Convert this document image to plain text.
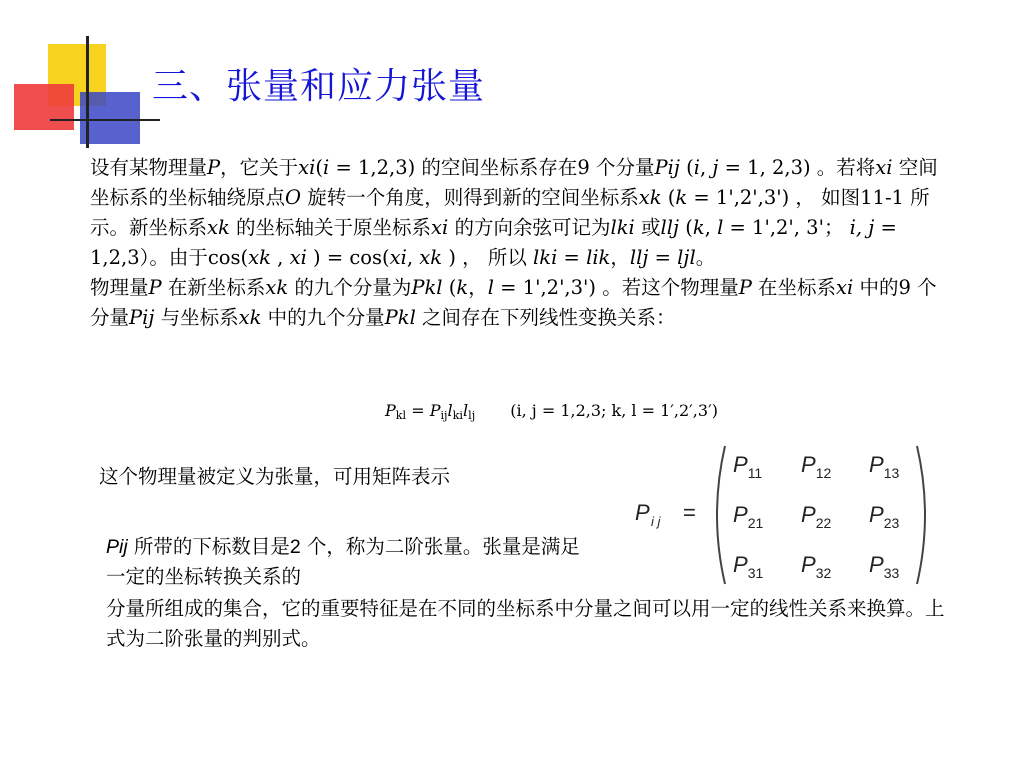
三、张量和应力张量
设有某物理量P，它关于xi(i = 1,2,3) 的空间坐标系存在9 个分量Pij (i, j = 1, 2,3) 。若将xi 空间坐标系的坐标轴绕原点O 旋转一个角度，则得到新的空间坐标系xk (k = 1',2',3') ， 如图11-1 所示。新坐标系xk 的坐标轴关于原坐标系xi 的方向余弦可记为lki 或llj (k, l = 1',2', 3'； i, j = 1,2,3）。由于cos(xk , xi ) = cos(xi, xk ) ， 所以 lki = lik，llj = ljl。
物理量P 在新坐标系xk 的九个分量为Pkl (k，l = 1',2',3') 。若这个物理量P 在坐标系xi 中的9 个分量Pij 与坐标系xk 中的九个分量Pkl 之间存在下列线性变换关系：
$P_{kl} = P_{ij}l_{ki}l_{lj}$ (i, j = 1,2,3; k, l = 1′,2′,3′)
这个物理量被定义为张量，可用矩阵表示
P i j =
$P_{11}$ $P_{12}$ $P_{13}$
$P_{21}$ $P_{22}$ $P_{23}$
$P_{31}$ $P_{32}$ $P_{33}$
Pij 所带的下标数目是2 个，称为二阶张量。张量是满足一定的坐标转换关系的
分量所组成的集合，它的重要特征是在不同的坐标系中分量之间可以用一定的线性关系来换算。上式为二阶张量的判别式。
